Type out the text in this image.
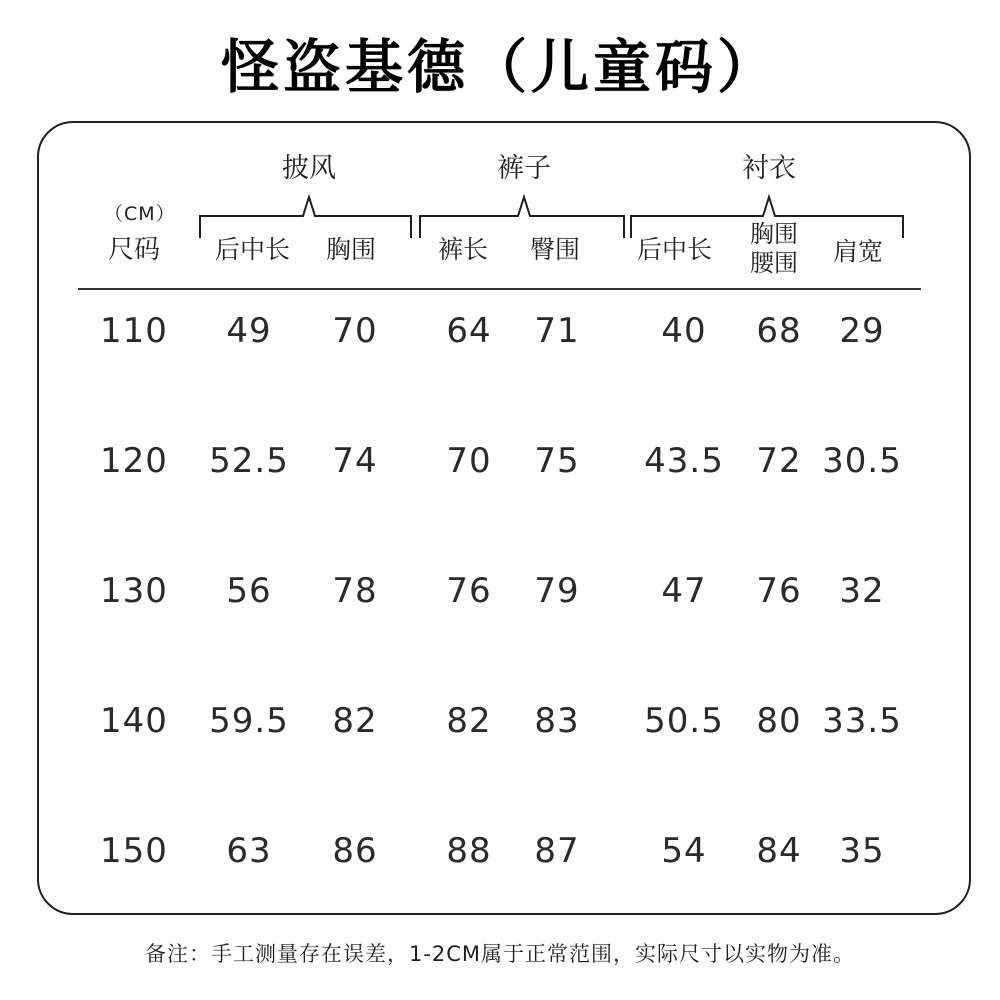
怪盗基德（儿童码）
披风	裤子	衬衣
（CM）
尺码 后中长 胸围 裤长 臀围 后中长
胸围
腰围 肩宽
110 49 70 64 71 40 68 29
120 52.5 74 70 75 43.5 72 30.5
130 56 78 76 79 47 76 32
140 59.5 82 82 83 50.5 80 33.5
150 63 86 88 87 54 84 35
备注：手工测量存在误差，1-2CM属于正常范围，实际尺寸以实物为准。
